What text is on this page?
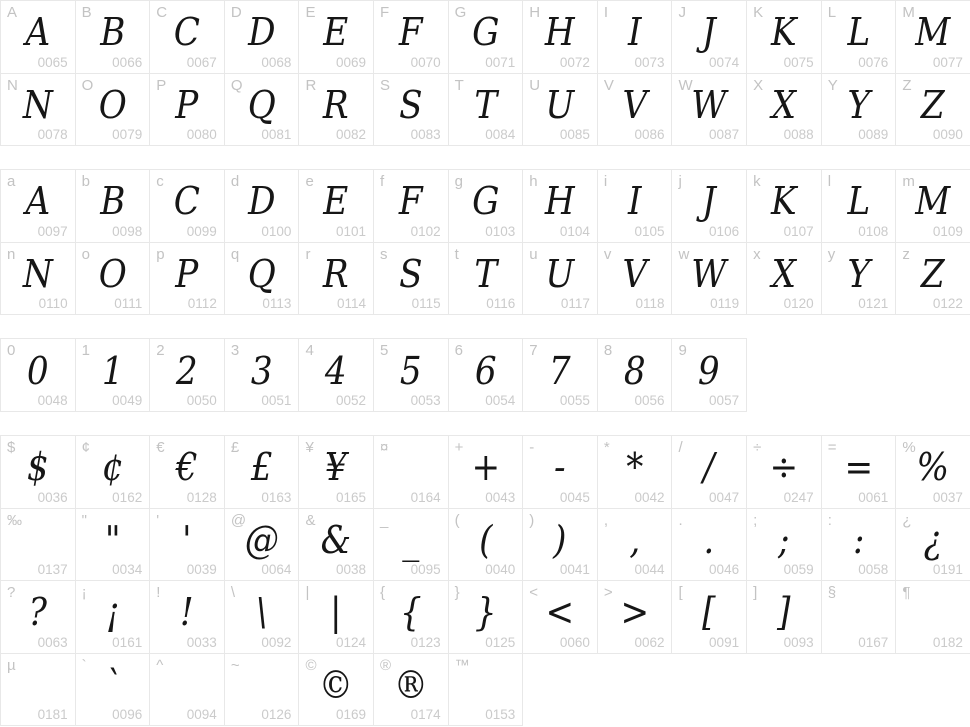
A A
0065
B B
0066
C C
0067
D D
0068
E E
0069
F F
0070
G G
0071
H H
0072
I I
0073
J J
0074
K K
0075
L L
0076
M M
0077
N N
0078
O O
0079
P P
0080
Q Q
0081
R R
0082
S S
0083
T T
0084
U U
0085
V V
0086
W W
0087
X X
0088
Y Y
0089
Z Z
0090
a A
0097
b B
0098
c C
0099
d D
0100
e E
0101
f F
0102
g G
0103
h H
0104
i I
0105
j J
0106
k K
0107
l L
0108
m M
0109
n N
0110
o O
0111
p P
0112
q Q
0113
r R
0114
s S
0115
t T
0116
u U
0117
v V
0118
w W
0119
x X
0120
y Y
0121
z Z
0122
0 0
0048
1 1
0049
2 2
0050
3 3
0051
4 4
0052
5 5
0053
6 6
0054
7 7
0055
8 8
0056
9 9
0057
$ $
0036
¢ ¢
0162
€ €
0128
£ £
0163
¥ ¥
0165
¤
0164
+ +
0043
- -
0045
* *
0042
/ /
0047
÷ ÷
0247
= =
0061
% %
0037
‰
0137
" "
0034
' '
0039
@
@
0064
& &
0038
_ _
0095
( (
0040
) )
0041
, ,
0044
. .
0046
; ;
0059
: :
0058
¿ ¿
0191
? ?
0063
¡ ¡
0161
! !
0033
\ \
0092
| |
0124
{ {
0123
} }
0125
< <
0060
> >
0062
[ [
0091
] ]
0093
§
0167
¶
0182
µ
0181
` `
0096
^
0094
~
0126
© ©
0169
® ®
0174
™
0153
